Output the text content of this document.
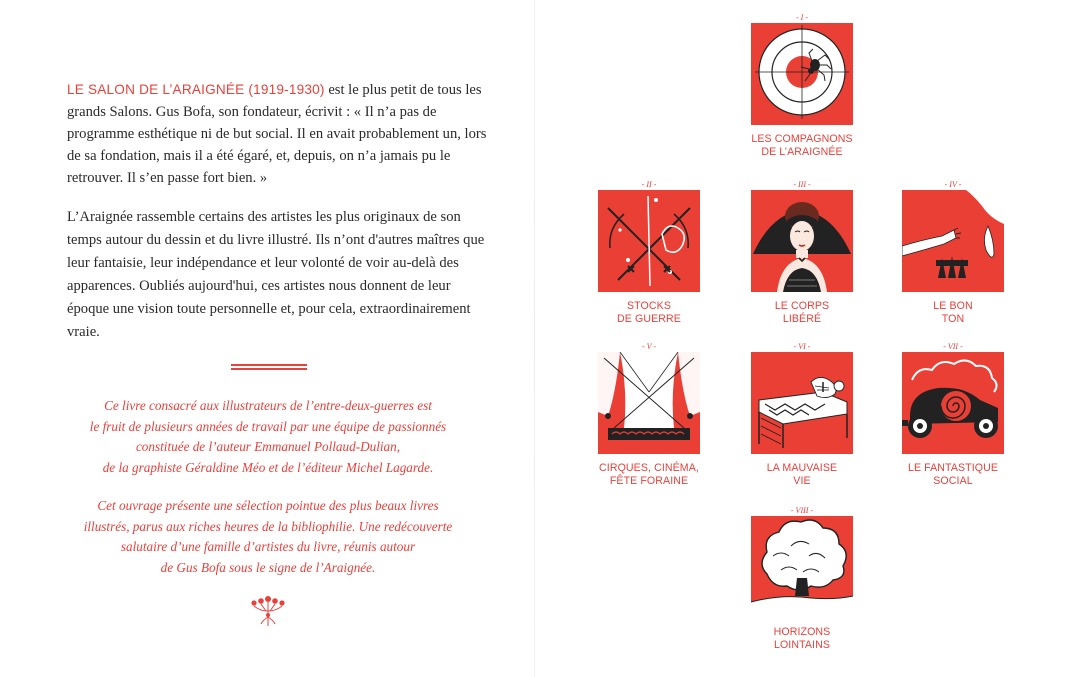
LE SALON DE L’ARAIGNÉE (1919-1930) est le plus petit de tous les grands Salons. Gus Bofa, son fondateur, écrivit : « Il n’a pas de programme esthétique ni de but social. Il en avait probablement un, lors de sa fondation, mais il a été égaré, et, depuis, on n’a jamais pu le retrouver. Il s’en passe fort bien. »

L’Araignée rassemble certains des artistes les plus originaux de son temps autour du dessin et du livre illustré. Ils n’ont d'autres maîtres que leur fantaisie, leur indépendance et leur volonté de voir au-delà des apparences. Oubliés aujourd'hui, ces artistes nous donnent de leur époque une vision toute personnelle et, pour cela, extraordinairement vraie.

Ce livre consacré aux illustrateurs de l’entre-deux-guerres est
le fruit de plusieurs années de travail par une équipe de passionnés
constituée de l’auteur Emmanuel Pollaud-Dulian,
de la graphiste Géraldine Méo et de l’éditeur Michel Lagarde.

Cet ouvrage présente une sélection pointue des plus beaux livres
illustrés, parus aux riches heures de la bibliophilie. Une redécouverte
salutaire d’une famille d’artistes du livre, réunis autour
de Gus Bofa sous le signe de l’Araignée.

- I -
LES COMPAGNONS
DE L’ARAIGNÉE
- II -
STOCKS
DE GUERRE
- III -
LE CORPS
LIBÉRÉ
- IV -
LE BON
TON
- V -
CIRQUES, CINÉMA,
FÊTE FORAINE
- VI -
LA MAUVAISE
VIE
- VII -
LE FANTASTIQUE
SOCIAL
- VIII -
HORIZONS
LOINTAINS
